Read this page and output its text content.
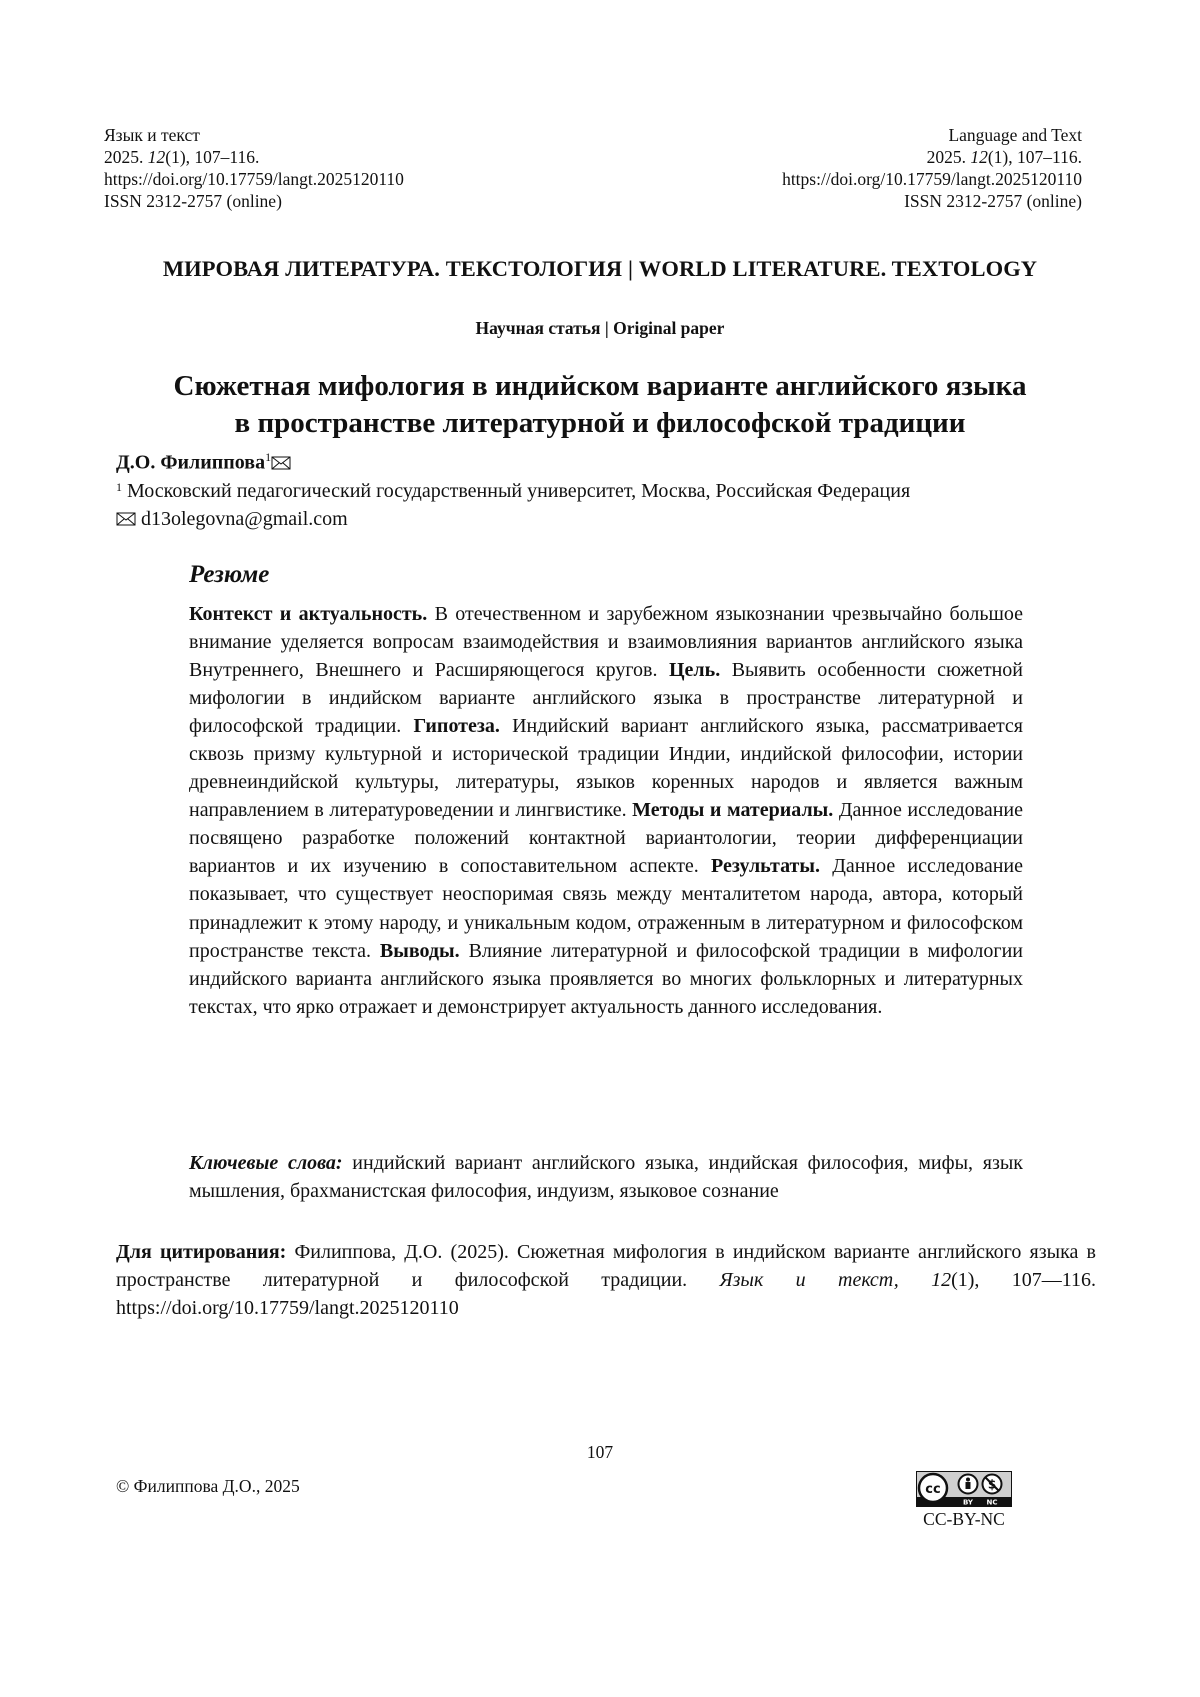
Язык и текст
2025. 12(1), 107–116.
https://doi.org/10.17759/langt.2025120110
ISSN 2312-2757 (online)
Language and Text
2025. 12(1), 107–116.
https://doi.org/10.17759/langt.2025120110
ISSN 2312-2757 (online)
МИРОВАЯ ЛИТЕРАТУРА. ТЕКСТОЛОГИЯ | WORLD LITERATURE. TEXTOLOGY
Научная статья | Original paper
Сюжетная мифология в индийском варианте английского языка
в пространстве литературной и философской традиции
Д.О. Филиппова1
1 Московский педагогический государственный университет, Москва, Российская Федерация
d13olegovna@gmail.com
Резюме
Контекст и актуальность. В отечественном и зарубежном языкознании чрезвычайно большое внимание уделяется вопросам взаимодействия и взаимовлияния вариантов английского языка Внутреннего, Внешнего и Расширяющегося кругов. Цель. Выявить особенности сюжетной мифологии в индийском варианте английского языка в пространстве литературной и философской традиции. Гипотеза. Индийский вариант английского языка, рассматривается сквозь призму культурной и исторической традиции Индии, индийской философии, истории древнеиндийской культуры, литературы, языков коренных народов и является важным направлением в литературоведении и лингвистике. Методы и материалы. Данное исследование посвящено разработке положений контактной вариантологии, теории дифференциации вариантов и их изучению в сопоставительном аспекте. Результаты. Данное исследование показывает, что существует неоспоримая связь между менталитетом народа, автора, который принадлежит к этому народу, и уникальным кодом, отраженным в литературном и философском пространстве текста. Выводы. Влияние литературной и философской традиции в мифологии индийского варианта английского языка проявляется во многих фольклорных и литературных текстах, что ярко отражает и демонстрирует актуальность данного исследования.
Ключевые слова: индийский вариант английского языка, индийская философия, мифы, язык мышления, брахманистская философия, индуизм, языковое сознание
Для цитирования: Филиппова, Д.О. (2025). Сюжетная мифология в индийском варианте английского языка в пространстве литературной и философской традиции. Язык и текст, 12(1), 107—116. https://doi.org/10.17759/langt.2025120110
107
© Филиппова Д.О., 2025	cc
BY NC
CC-BY-NC
